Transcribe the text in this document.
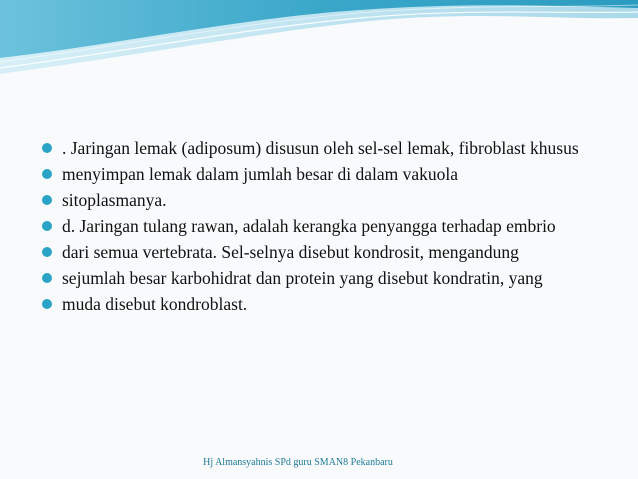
. Jaringan lemak (adiposum) disusun oleh sel-sel lemak, fibroblast khusus
menyimpan lemak dalam jumlah besar di dalam vakuola
sitoplasmanya.
d. Jaringan tulang rawan, adalah kerangka penyangga terhadap embrio
dari semua vertebrata. Sel-selnya disebut kondrosit, mengandung
sejumlah besar karbohidrat dan protein yang disebut kondratin, yang
muda disebut kondroblast.
Hj Almansyahnis SPd guru SMAN8 Pekanbaru
